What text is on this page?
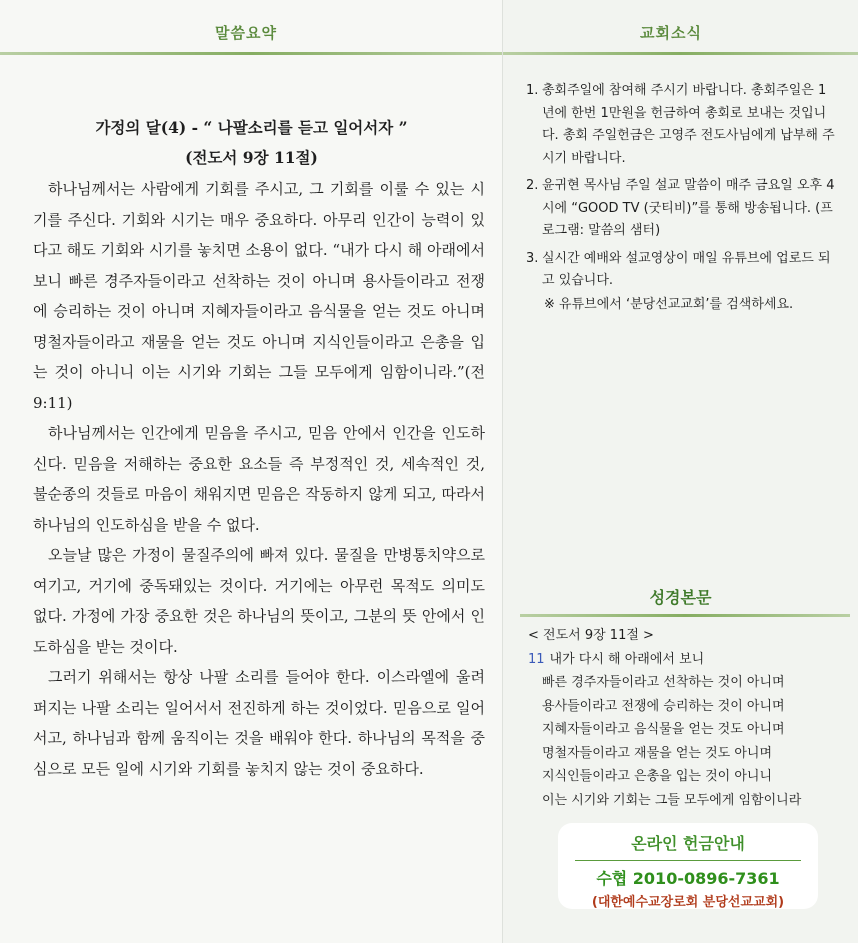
말씀요약
가정의 달(4) - “ 나팔소리를 듣고 일어서자 ”
(전도서 9장 11절)

하나님께서는 사람에게 기회를 주시고, 그 기회를 이룰 수 있는 시기를 주신다. 기회와 시기는 매우 중요하다. 아무리 인간이 능력이 있다고 해도 기회와 시기를 놓치면 소용이 없다. “내가 다시 해 아래에서 보니 빠른 경주자들이라고 선착하는 것이 아니며 용사들이라고 전쟁에 승리하는 것이 아니며 지혜자들이라고 음식물을 얻는 것도 아니며 명철자들이라고 재물을 얻는 것도 아니며 지식인들이라고 은총을 입는 것이 아니니 이는 시기와 기회는 그들 모두에게 임함이니라.”(전9:11)

하나님께서는 인간에게 믿음을 주시고, 믿음 안에서 인간을 인도하신다. 믿음을 저해하는 중요한 요소들 즉 부정적인 것, 세속적인 것, 불순종의 것들로 마음이 채워지면 믿음은 작동하지 않게 되고, 따라서 하나님의 인도하심을 받을 수 없다.

오늘날 많은 가정이 물질주의에 빠져 있다. 물질을 만병통치약으로 여기고, 거기에 중독돼있는 것이다. 거기에는 아무런 목적도 의미도 없다. 가정에 가장 중요한 것은 하나님의 뜻이고, 그분의 뜻 안에서 인도하심을 받는 것이다.

그러기 위해서는 항상 나팔 소리를 들어야 한다. 이스라엘에 울려 퍼지는 나팔 소리는 일어서서 전진하게 하는 것이었다. 믿음으로 일어서고, 하나님과 함께 움직이는 것을 배워야 한다. 하나님의 목적을 중심으로 모든 일에 시기와 기회를 놓치지 않는 것이 중요하다.

교회소식
1. 총회주일에 참여해 주시기 바랍니다. 총회주일은 1년에 한번 1만원을 헌금하여 총회로 보내는 것입니다. 총회 주일헌금은 고영주 전도사님에게 납부해 주시기 바랍니다.
2. 윤귀현 목사님 주일 설교 말씀이 매주 금요일 오후 4시에 “GOOD TV (굿티비)”를 통해 방송됩니다. (프로그램: 말씀의 샘터)
3. 실시간 예배와 설교영상이 매일 유튜브에 업로드 되고 있습니다.
※ 유튜브에서 ‘분당선교교회’를 검색하세요.
성경본문
< 전도서 9장 11절 >
11 내가 다시 해 아래에서 보니
빠른 경주자들이라고 선착하는 것이 아니며
용사들이라고 전쟁에 승리하는 것이 아니며
지혜자들이라고 음식물을 얻는 것도 아니며
명철자들이라고 재물을 얻는 것도 아니며
지식인들이라고 은총을 입는 것이 아니니
이는 시기와 기회는 그들 모두에게 임함이니라
온라인 헌금안내
수협 2010-0896-7361
(대한예수교장로회 분당선교교회)
